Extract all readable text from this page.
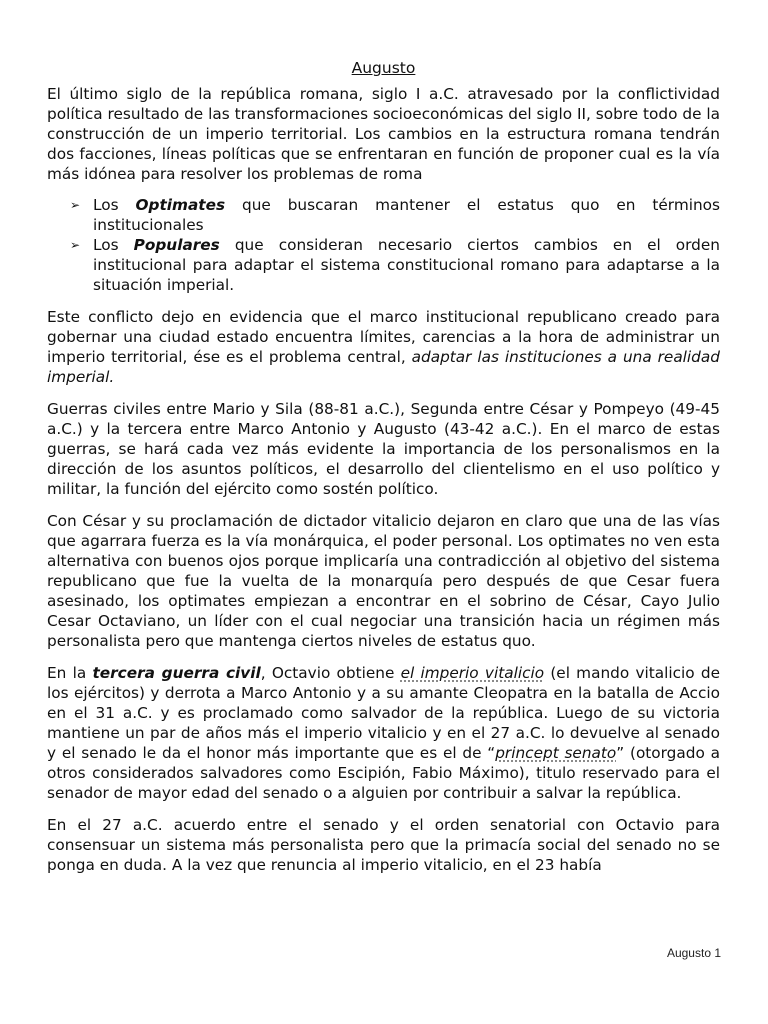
Augusto

El último siglo de la república romana, siglo I a.C. atravesado por la conflictividad política resultado de las transformaciones socioeconómicas del siglo II, sobre todo de la construcción de un imperio territorial. Los cambios en la estructura romana tendrán dos facciones, líneas políticas que se enfrentaran en función de proponer cual es la vía más idónea para resolver los problemas de roma

➢ Los Optimates que buscaran mantener el estatus quo en términos institucionales
➢ Los Populares que consideran necesario ciertos cambios en el orden institucional para adaptar el sistema constitucional romano para adaptarse a la situación imperial.

Este conflicto dejo en evidencia que el marco institucional republicano creado para gobernar una ciudad estado encuentra límites, carencias a la hora de administrar un imperio territorial, ése es el problema central, adaptar las instituciones a una realidad imperial.

Guerras civiles entre Mario y Sila (88-81 a.C.), Segunda entre César y Pompeyo (49-45 a.C.) y la tercera entre Marco Antonio y Augusto (43-42 a.C.). En el marco de estas guerras, se hará cada vez más evidente la importancia de los personalismos en la dirección de los asuntos políticos, el desarrollo del clientelismo en el uso político y militar, la función del ejército como sostén político.

Con César y su proclamación de dictador vitalicio dejaron en claro que una de las vías que agarrara fuerza es la vía monárquica, el poder personal. Los optimates no ven esta alternativa con buenos ojos porque implicaría una contradicción al objetivo del sistema republicano que fue la vuelta de la monarquía pero después de que Cesar fuera asesinado, los optimates empiezan a encontrar en el sobrino de César, Cayo Julio Cesar Octaviano, un líder con el cual negociar una transición hacia un régimen más personalista pero que mantenga ciertos niveles de estatus quo.

En la tercera guerra civil, Octavio obtiene el imperio vitalicio (el mando vitalicio de los ejércitos) y derrota a Marco Antonio y a su amante Cleopatra en la batalla de Accio en el 31 a.C. y es proclamado como salvador de la república. Luego de su victoria mantiene un par de años más el imperio vitalicio y en el 27 a.C. lo devuelve al senado y el senado le da el honor más importante que es el de “princept senato” (otorgado a otros considerados salvadores como Escipión, Fabio Máximo), titulo reservado para el senador de mayor edad del senado o a alguien por contribuir a salvar la república.

En el 27 a.C. acuerdo entre el senado y el orden senatorial con Octavio para consensuar un sistema más personalista pero que la primacía social del senado no se ponga en duda. A la vez que renuncia al imperio vitalicio, en el 23 había

Augusto 1
